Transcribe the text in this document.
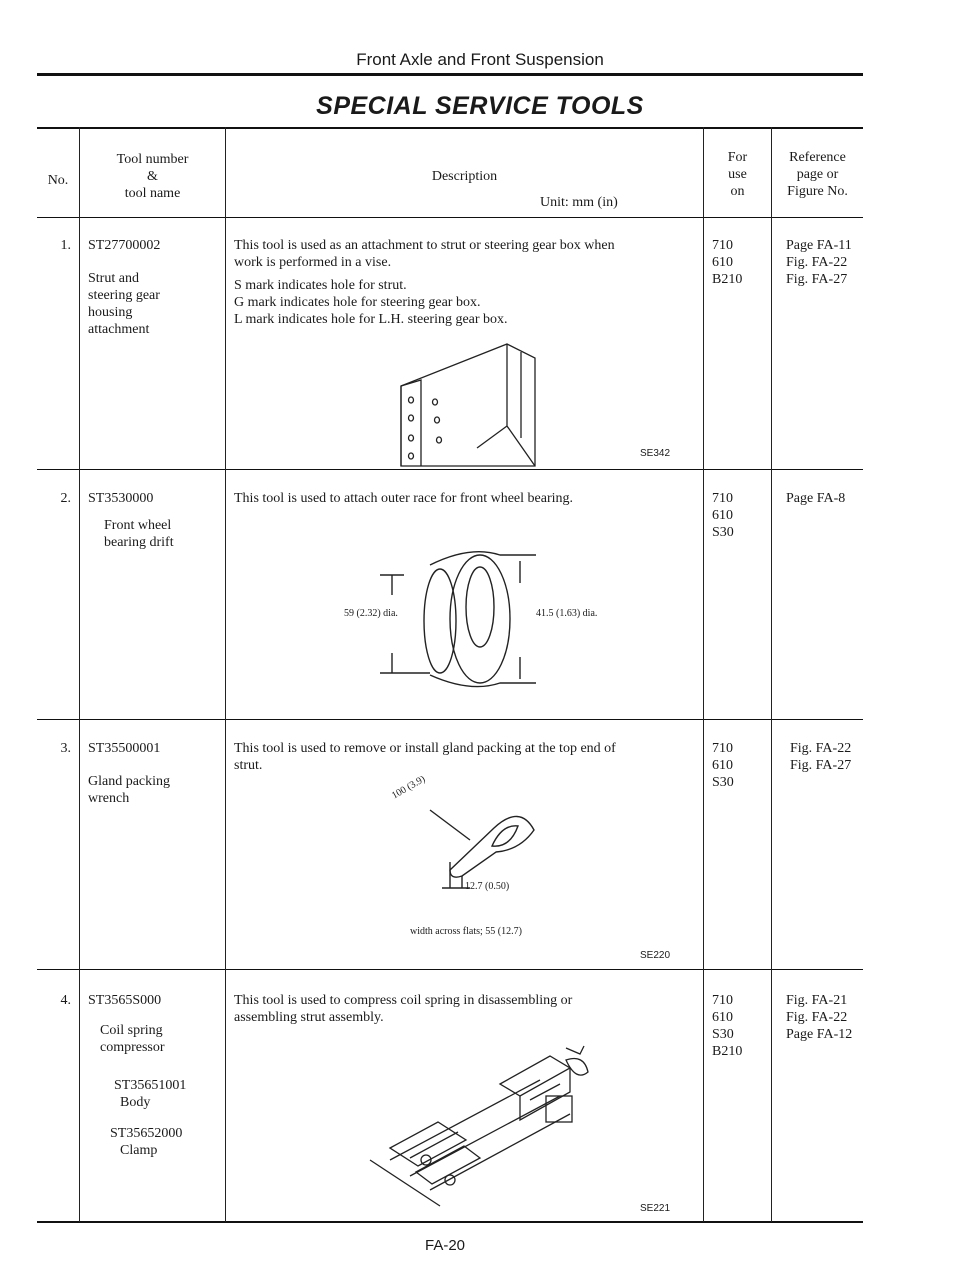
Front Axle and Front Suspension
SPECIAL SERVICE TOOLS
No.
Tool number
&
tool name
Description
Unit: mm (in)
For
use
on
Reference
page or
Figure No.
1. ST27700002
Strut and
steering gear
housing
attachment
This tool is used as an attachment to strut or steering gear box when
work is performed in a vise.
S mark indicates hole for strut.
G mark indicates hole for steering gear box.
L mark indicates hole for L.H. steering gear box.
SE342
710
610
B210
Page FA-11
Fig. FA-22
Fig. FA-27
2. ST3530000
Front wheel
bearing drift
This tool is used to attach outer race for front wheel bearing.
59 (2.32) dia.	41.5 (1.63) dia.
710
610
S30
Page FA-8
3. ST35500001
Gland packing
wrench
This tool is used to remove or install gland packing at the top end of
strut.
100 (3.9)
12.7 (0.50)
width across flats; 55 (12.7)
SE220
710
610
S30
Fig. FA-22
Fig. FA-27
4. ST3565S000
Coil spring
compressor
ST35651001
Body
ST35652000
Clamp
This tool is used to compress coil spring in disassembling or
assembling strut assembly.
SE221
710
610
S30
B210
Fig. FA-21
Fig. FA-22
Page FA-12
FA-20
